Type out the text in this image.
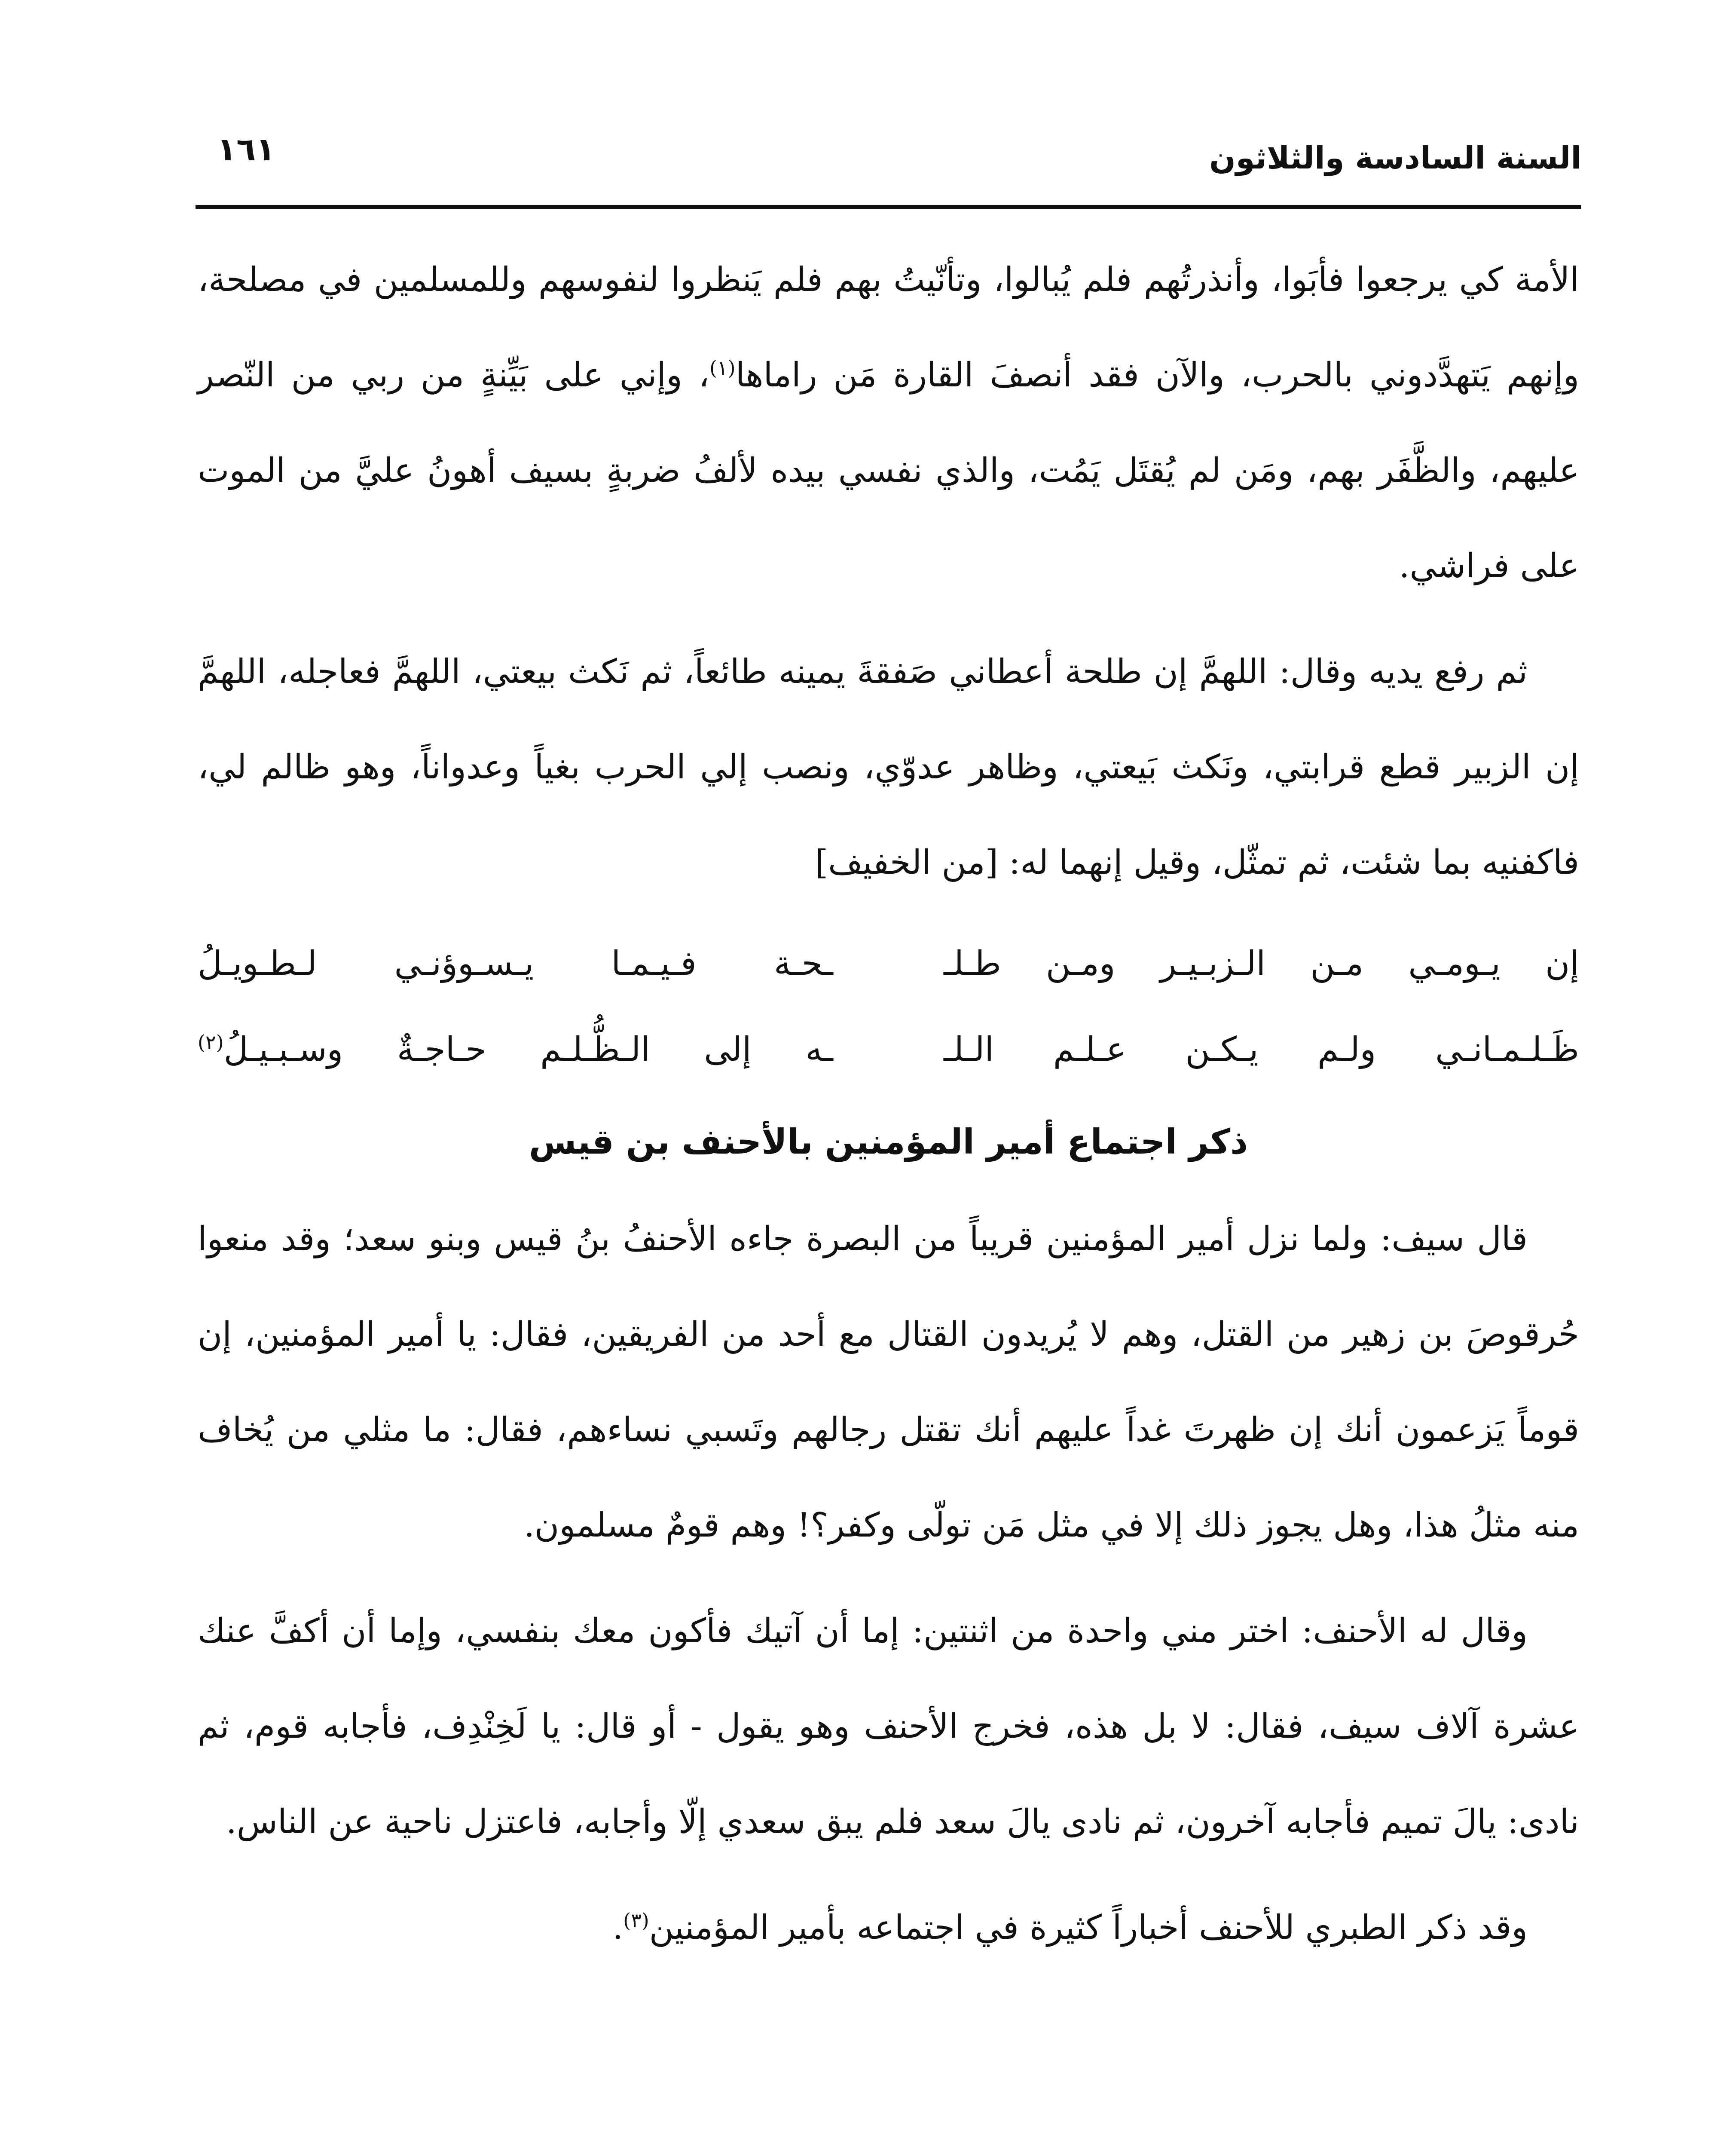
السنة السادسة والثلاثون
١٦١

الأمة كي يرجعوا فأبَوا، وأنذرتُهم فلم يُبالوا، وتأنّيتُ بهم فلم يَنظروا لنفوسهم وللمسلمين في مصلحة، وإنهم يَتهدَّدوني بالحرب، والآن فقد أنصفَ القارة مَن راماها$^{(١)}$، وإني على بَيِّنةٍ من ربي من النّصر عليهم، والظَّفَر بهم، ومَن لم يُقتَل يَمُت، والذي نفسي بيده لألفُ ضربةٍ بسيف أهونُ عليَّ من الموت على فراشي.

ثم رفع يديه وقال: اللهمَّ إن طلحة أعطاني صَفقةَ يمينه طائعاً، ثم نَكث بيعتي، اللهمَّ فعاجله، اللهمَّ إن الزبير قطع قرابتي، ونَكث بَيعتي، وظاهر عدوّي، ونصب إلي الحرب بغياً وعدواناً، وهو ظالم لي، فاكفنيه بما شئت، ثم تمثّل، وقيل إنهما له: [من الخفيف]

إن يـومـي مـن الـزبـيـر ومـن طـلـ
ـحـة فـيـمـا يـسـوؤنـي لـطـويـلُ
ظَـلـمـانـي ولـم يـكـن عـلـم الـلـ
ـه إلى الـظُّـلـم حـاجـةٌ وسـبـيـلُ$^{(٢)}$
ذكر اجتماع أمير المؤمنين بالأحنف بن قيس

قال سيف: ولما نزل أمير المؤمنين قريباً من البصرة جاءه الأحنفُ بنُ قيس وبنو سعد؛ وقد منعوا حُرقوصَ بن زهير من القتل، وهم لا يُريدون القتال مع أحد من الفريقين، فقال: يا أمير المؤمنين، إن قوماً يَزعمون أنك إن ظهرتَ غداً عليهم أنك تقتل رجالهم وتَسبي نساءهم، فقال: ما مثلي من يُخاف منه مثلُ هذا، وهل يجوز ذلك إلا في مثل مَن تولّى وكفر؟! وهم قومٌ مسلمون.

وقال له الأحنف: اختر مني واحدة من اثنتين: إما أن آتيك فأكون معك بنفسي، وإما أن أكفَّ عنك عشرة آلاف سيف، فقال: لا بل هذه، فخرج الأحنف وهو يقول - أو قال: يا لَخِنْدِف، فأجابه قوم، ثم نادى: يالَ تميم فأجابه آخرون، ثم نادى يالَ سعد فلم يبق سعدي إلّا وأجابه، فاعتزل ناحية عن الناس.

وقد ذكر الطبري للأحنف أخباراً كثيرة في اجتماعه بأمير المؤمنين$^{(٣)}$.
